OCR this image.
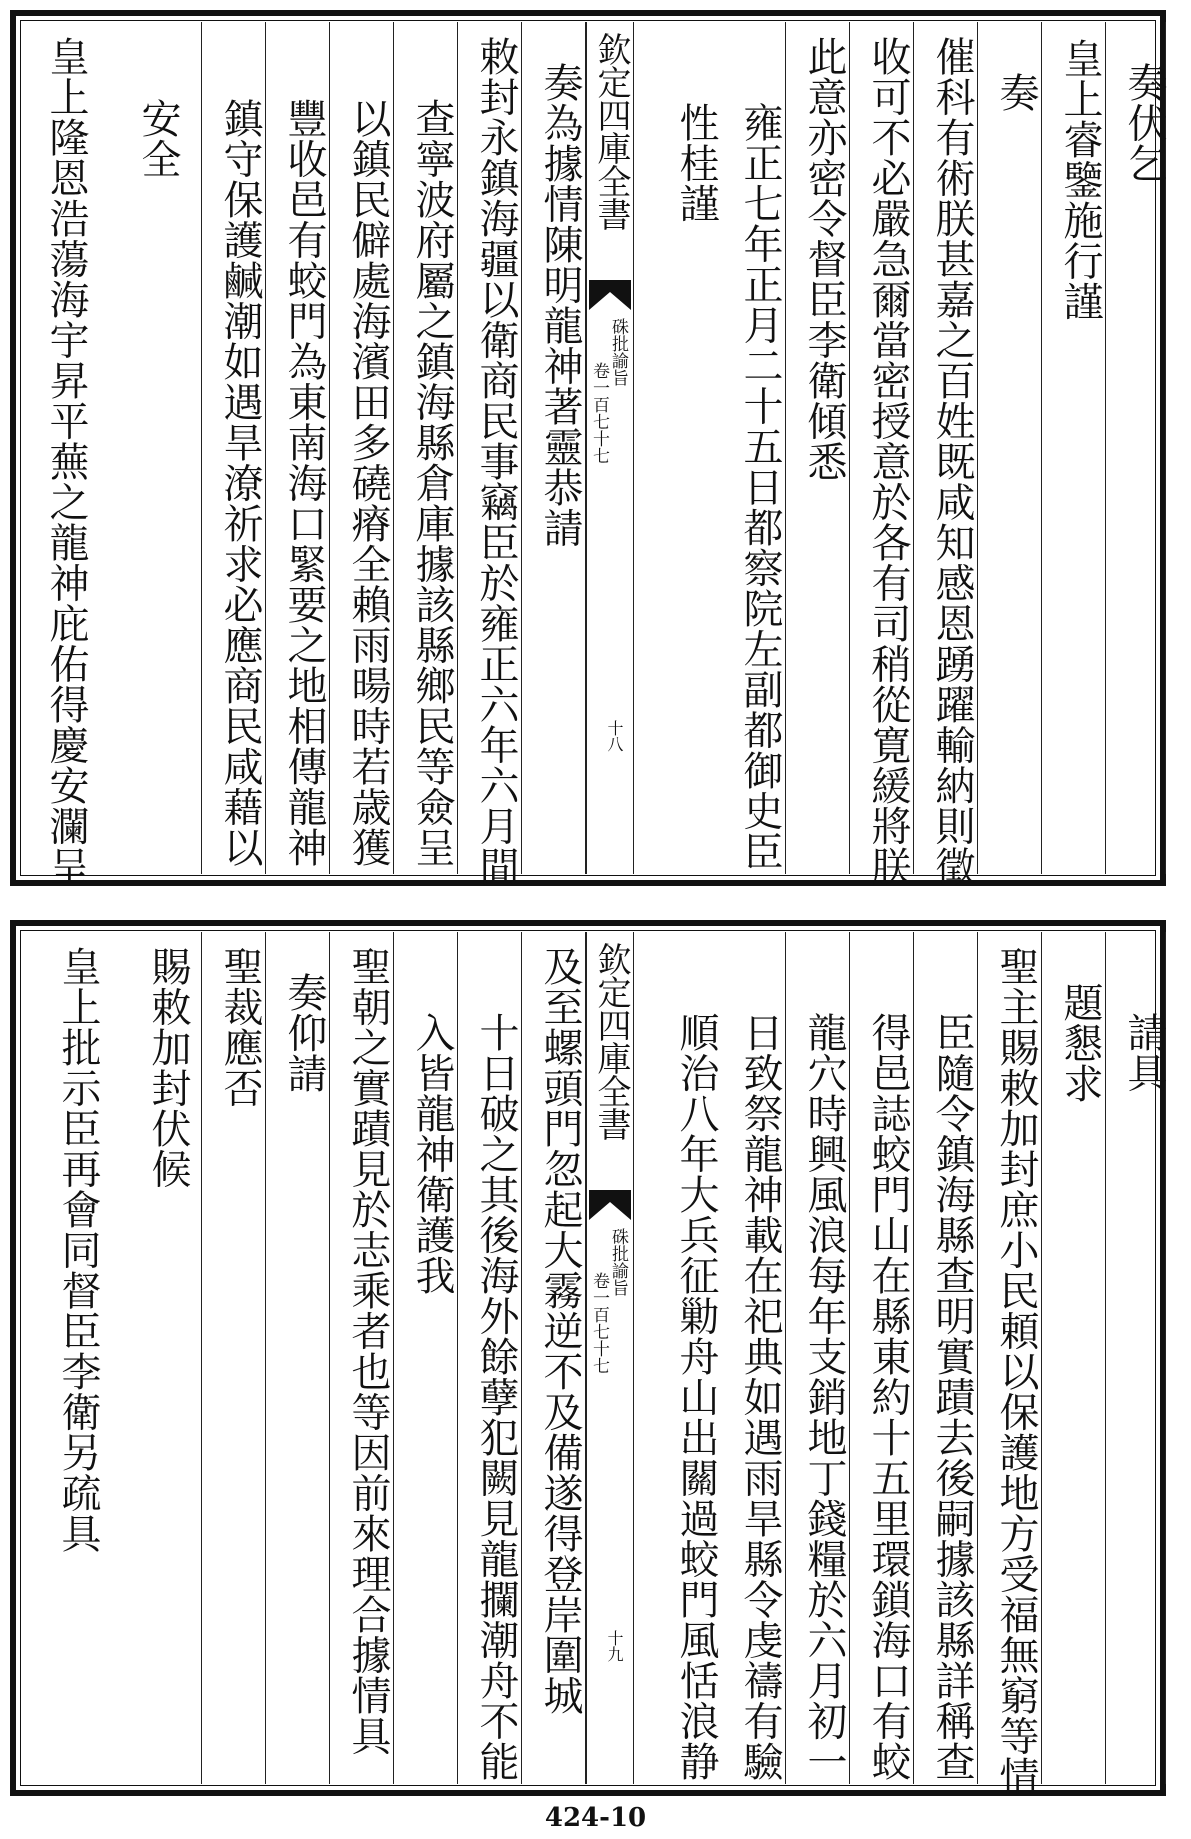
奏伏乞
皇上睿鑒施行謹
奏
催科有術朕甚嘉之百姓既咸知感恩踴躍輸納則徵
收可不必嚴急爾當密授意於各有司稍從寛緩將朕
此意亦密令督臣李衛傾悉
雍正七年正月二十五日都察院左副都御史臣
性桂謹
欽定四庫全書
硃批諭旨
卷一百七十七
十八
奏為據情陳明龍神著靈恭請
敕封永鎮海疆以衛商民事竊臣於雍正六年六月間
查寧波府屬之鎮海縣倉庫據該縣鄉民等僉呈
以鎮民僻處海濱田多磽瘠全賴雨暘時若歳獲
豐收邑有蛟門為東南海口緊要之地相傳龍神
鎮守保護鹹潮如遇旱潦祈求必應商民咸藉以
安全
皇上隆恩浩蕩海宇昇平蕪之龍神庇佑得慶安瀾呈
請具
題懇求
聖主賜敕加封庶小民頼以保護地方受福無窮等情
臣隨令鎮海縣查明實蹟去後嗣據該縣詳稱查
得邑誌蛟門山在縣東約十五里環鎖海口有蛟
龍穴時興風浪每年支銷地丁錢糧於六月初一
日致祭龍神載在祀典如遇雨旱縣令虔禱有驗
順治八年大兵征勦舟山出關過蛟門風恬浪静
欽定四庫全書
硃批諭旨
卷一百七十七
十九
及至螺頭門忽起大霧逆不及備遂得登岸圍城
十日破之其後海外餘孽犯闕見龍攔潮舟不能
入皆龍神衛護我
聖朝之實蹟見於志乘者也等因前來理合據情具
奏仰請
聖裁應否
賜敕加封伏候
皇上批示臣再會同督臣李衛另疏具
424-10
